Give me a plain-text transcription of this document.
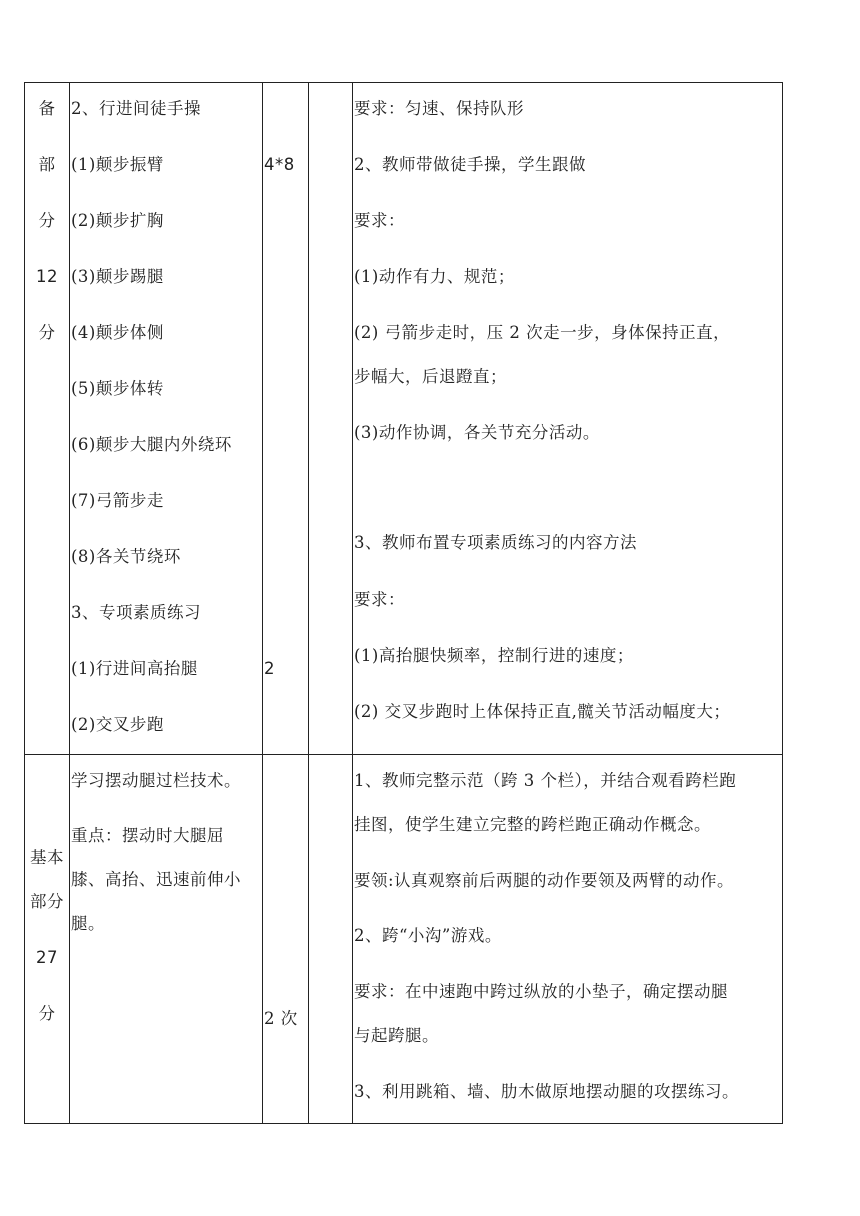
备
部
分
12
分
2、行进间徒手操
(1)颠步振臂
(2)颠步扩胸
(3)颠步踢腿
(4)颠步体侧
(5)颠步体转
(6)颠步大腿内外绕环
(7)弓箭步走
(8)各关节绕环
3、专项素质练习
(1)行进间高抬腿
(2)交叉步跑
4*8
2
要求：匀速、保持队形
2、教师带做徒手操，学生跟做
要求：
(1)动作有力、规范；
(2) 弓箭步走时，压 2 次走一步，身体保持正直，
步幅大，后退蹬直；
(3)动作协调，各关节充分活动。
3、教师布置专项素质练习的内容方法
要求：
(1)高抬腿快频率，控制行进的速度；
(2) 交叉步跑时上体保持正直,髋关节活动幅度大；
基本
部分
27
分
学习摆动腿过栏技术。
重点：摆动时大腿屈
膝、高抬、迅速前伸小
腿。
2 次
1、教师完整示范（跨 3 个栏），并结合观看跨栏跑
挂图，使学生建立完整的跨栏跑正确动作概念。
要领:认真观察前后两腿的动作要领及两臂的动作。
2、跨“小沟”游戏。
要求：在中速跑中跨过纵放的小垫子，确定摆动腿
与起跨腿。
3、利用跳箱、墙、肋木做原地摆动腿的攻摆练习。
